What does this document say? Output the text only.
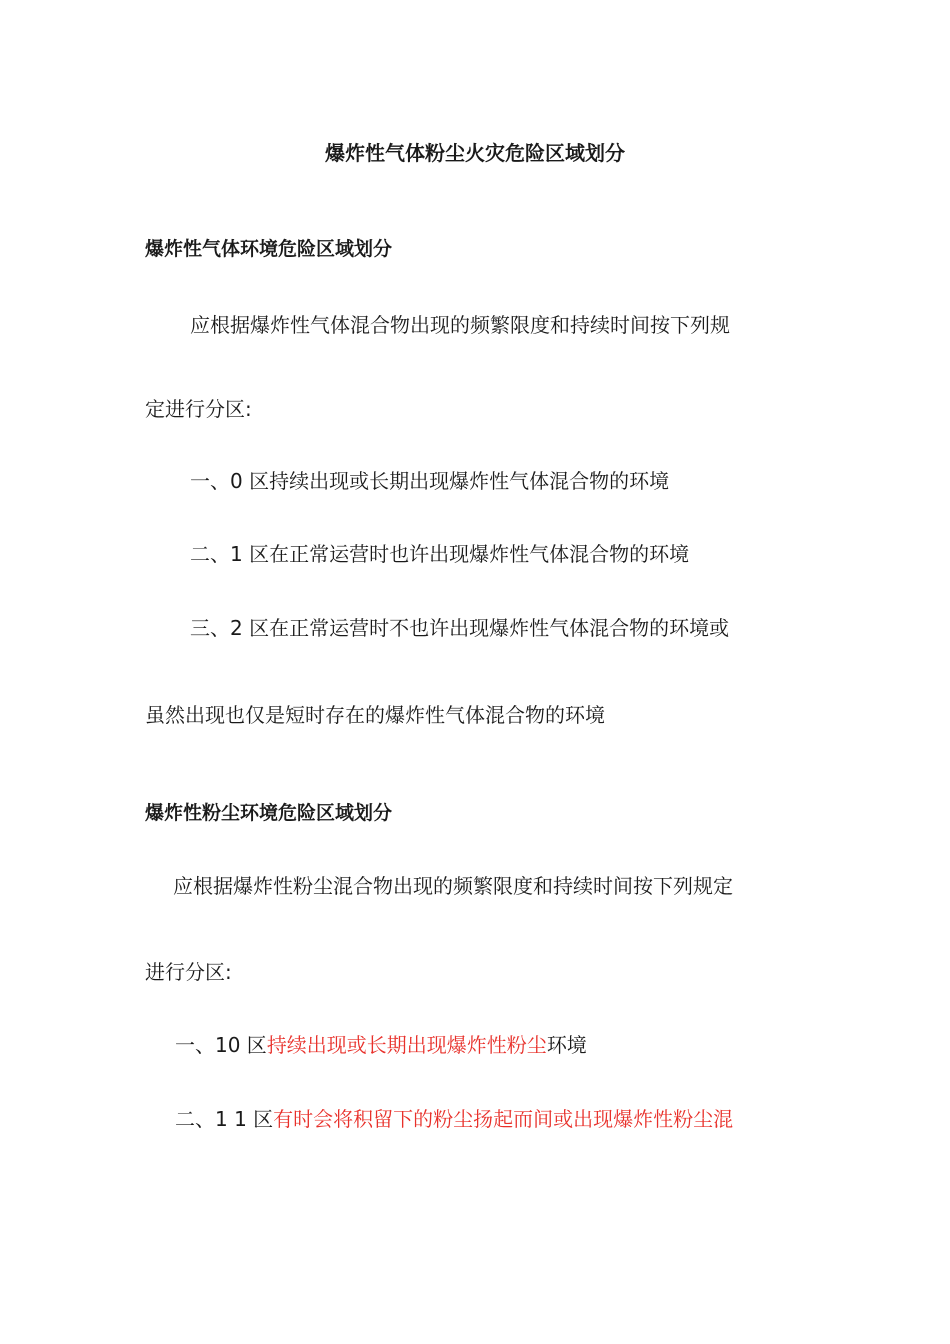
爆炸性气体粉尘火灾危险区域划分
爆炸性气体环境危险区域划分
应根据爆炸性气体混合物出现的频繁限度和持续时间按下列规
定进行分区:
一、0 区持续出现或长期出现爆炸性气体混合物的环境
二、1 区在正常运营时也许出现爆炸性气体混合物的环境
三、2 区在正常运营时不也许出现爆炸性气体混合物的环境或
虽然出现也仅是短时存在的爆炸性气体混合物的环境
爆炸性粉尘环境危险区域划分
应根据爆炸性粉尘混合物出现的频繁限度和持续时间按下列规定
进行分区:
一、10 区持续出现或长期出现爆炸性粉尘环境
二、1 1 区有时会将积留下的粉尘扬起而间或出现爆炸性粉尘混
